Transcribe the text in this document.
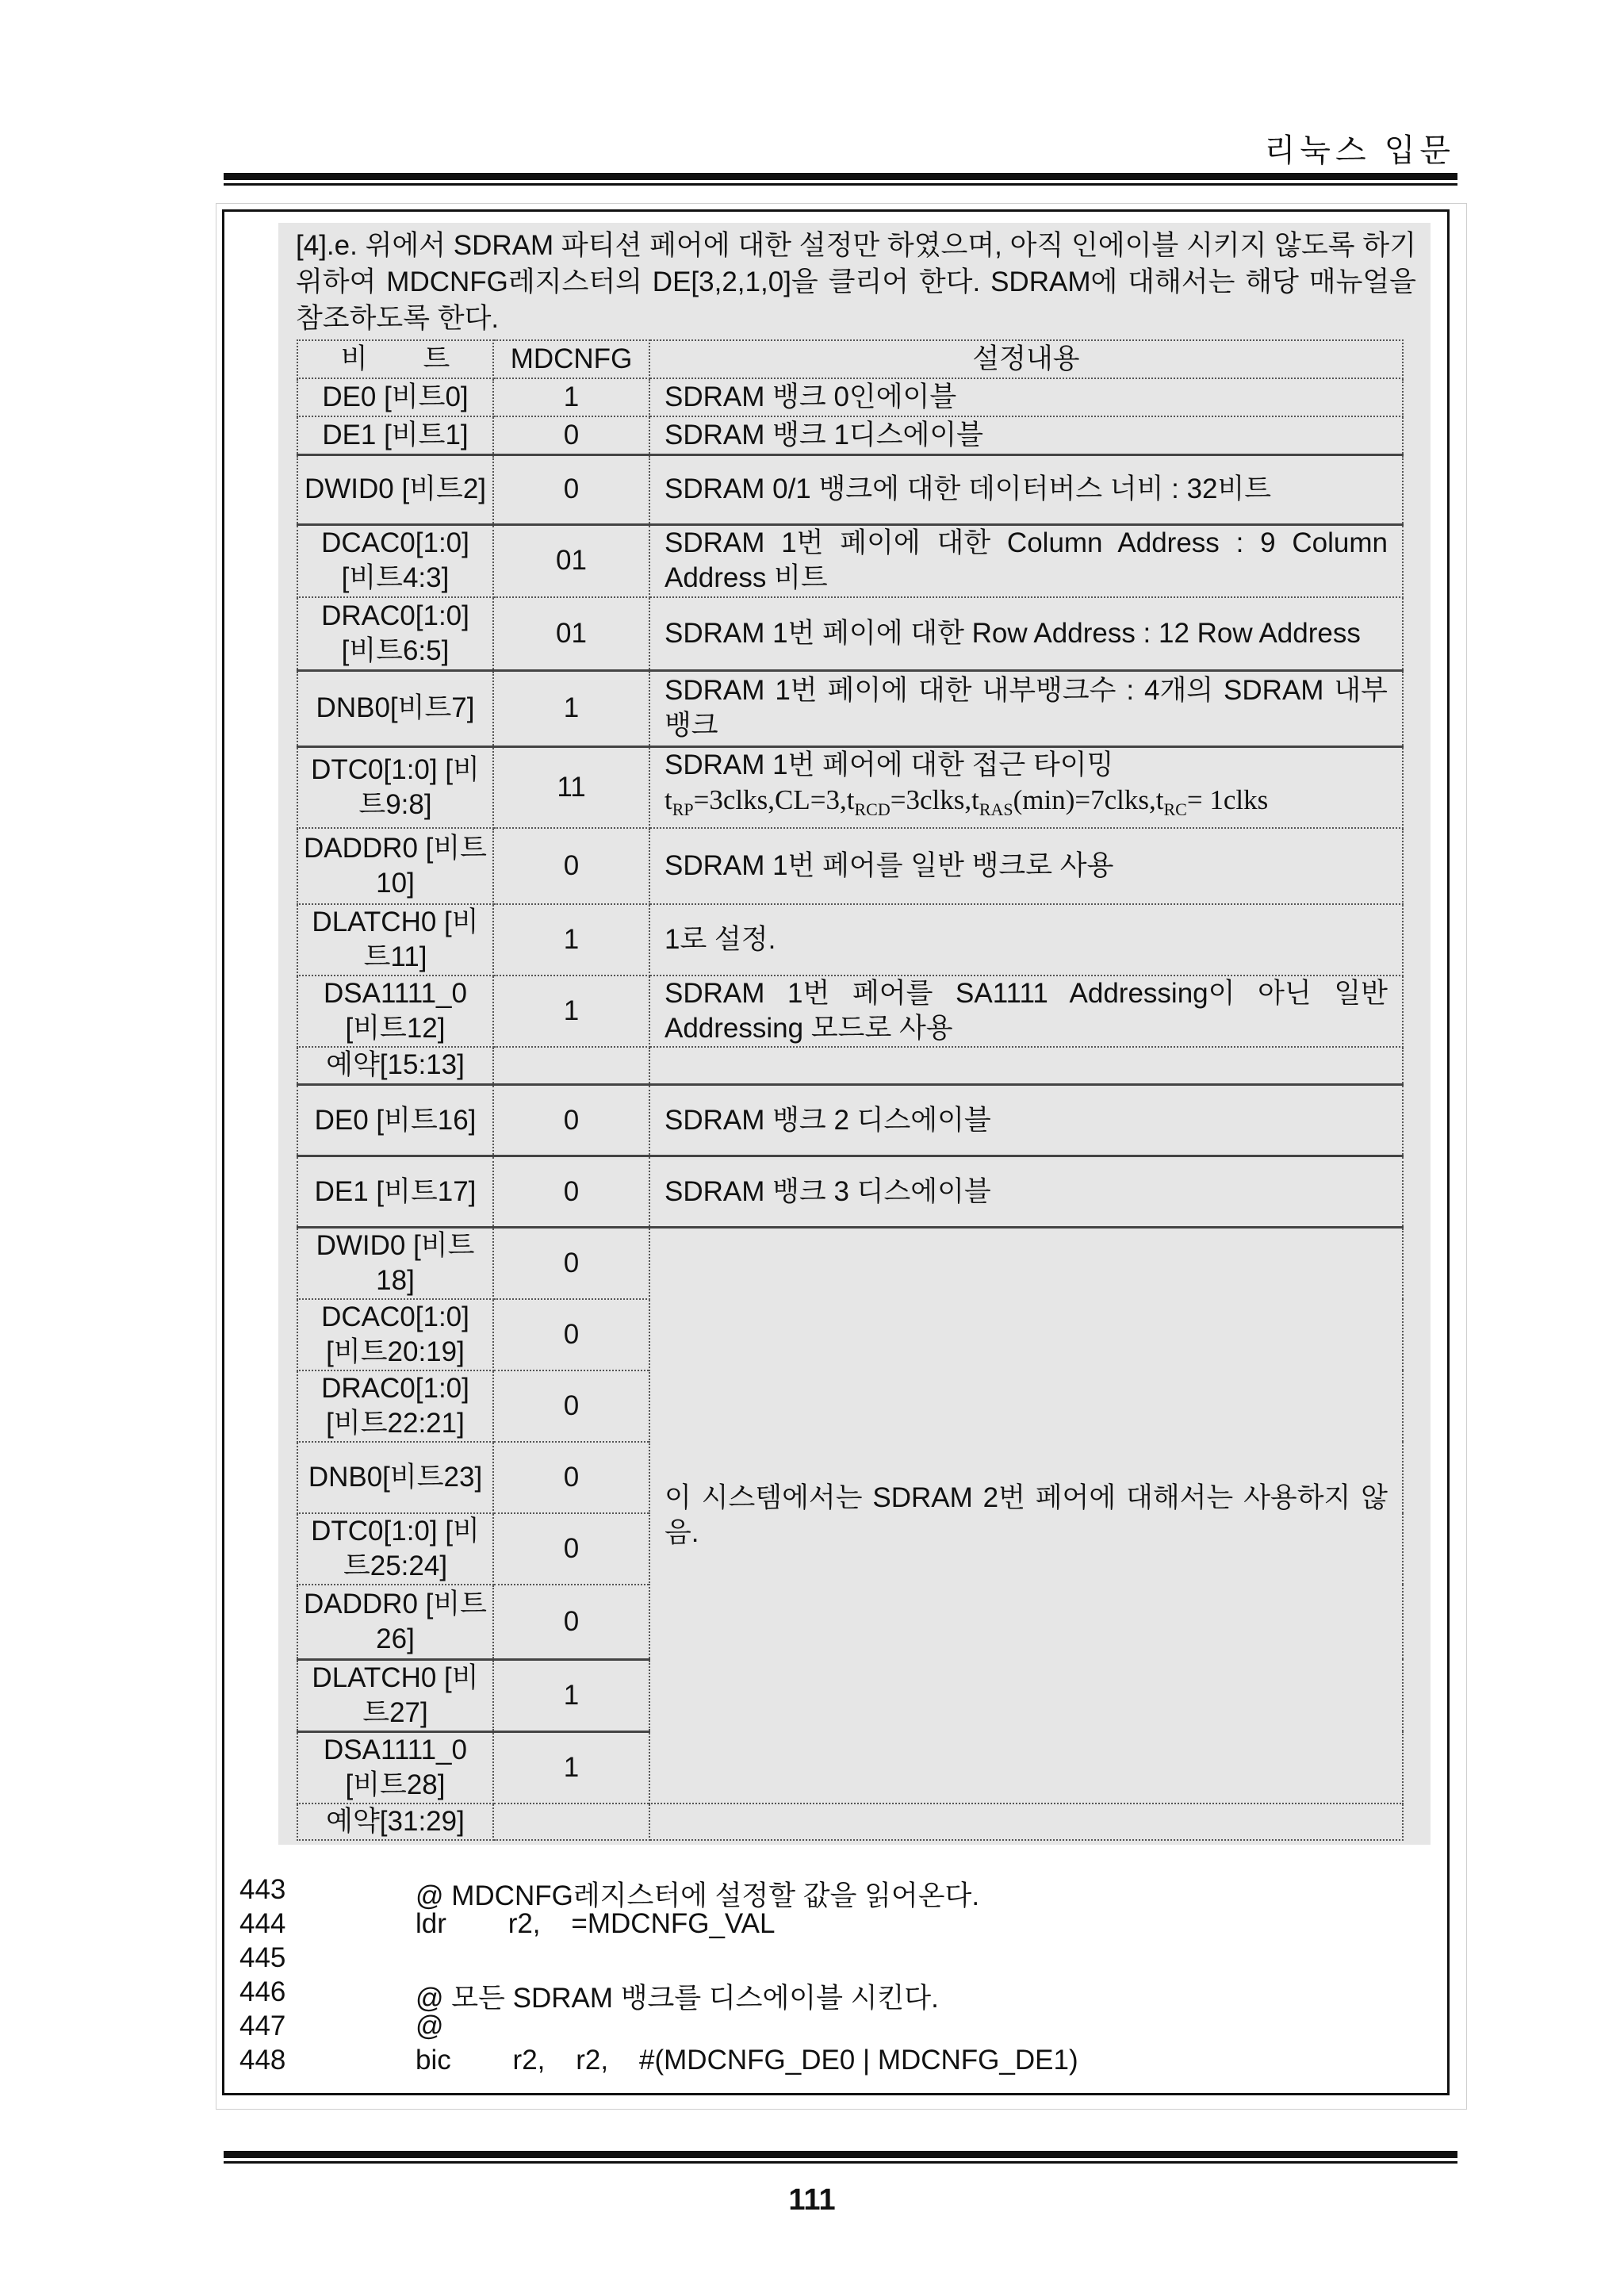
리눅스 입문
[4].e. 위에서 SDRAM 파티션 페어에 대한 설정만 하였으며, 아직 인에이블 시키지 않도록 하기 위하여 MDCNFG레지스터의 DE[3,2,1,0]을 클리어 한다. SDRAM에 대해서는 해당 매뉴얼을 참조하도록 한다.
비　　트	MDCNFG	설정내용
DE0 [비트0]	1	SDRAM 뱅크 0인에이블
DE1 [비트1]	0	SDRAM 뱅크 1디스에이블
DWID0 [비트2]	0	SDRAM 0/1 뱅크에 대한 데이터버스 너비 : 32비트
DCAC0[1:0] [비트4:3]	01	SDRAM 1번 페이에 대한 Column Address : 9 Column Address 비트
DRAC0[1:0] [비트6:5]	01	SDRAM 1번 페이에 대한 Row Address : 12 Row Address
DNB0[비트7]	1	SDRAM 1번 페이에 대한 내부뱅크수 : 4개의 SDRAM 내부뱅크
DTC0[1:0] [비트9:8]	11	SDRAM 1번 페어에 대한 접근 타이밍
$t_{RP}=3clks,CL=3,t_{RCD}=3clks,t_{RAS}(\min)=7clks,t_{RC}=$ 1clks

DADDR0 [비트10]	0	SDRAM 1번 페어를 일반 뱅크로 사용
DLATCH0 [비트11]	1	1로 설정.
DSA1111_0 [비트12]	1	SDRAM 1번 페어를 SA1111 Addressing이 아닌 일반 Addressing 모드로 사용
예약[15:13]		
DE0 [비트16]	0	SDRAM 뱅크 2 디스에이블
DE1 [비트17]	0	SDRAM 뱅크 3 디스에이블
DWID0 [비트18]	0	이 시스템에서는 SDRAM 2번 페어에 대해서는 사용하지 않음.
DCAC0[1:0] [비트20:19]	0	
DRAC0[1:0] [비트22:21]	0	
DNB0[비트23]	0	
DTC0[1:0] [비트25:24]	0	
DADDR0 [비트26]	0	
DLATCH0 [비트27]	1	
DSA1111_0 [비트28]	1	
예약[31:29]		
443	@ MDCNFG레지스터에 설정할 값을 읽어온다.
444	ldr        r2,    =MDCNFG_VAL
445
446	@ 모든 SDRAM 뱅크를 디스에이블 시킨다.
447	@
448	bic        r2,    r2,    #(MDCNFG_DE0 | MDCNFG_DE1)
111
